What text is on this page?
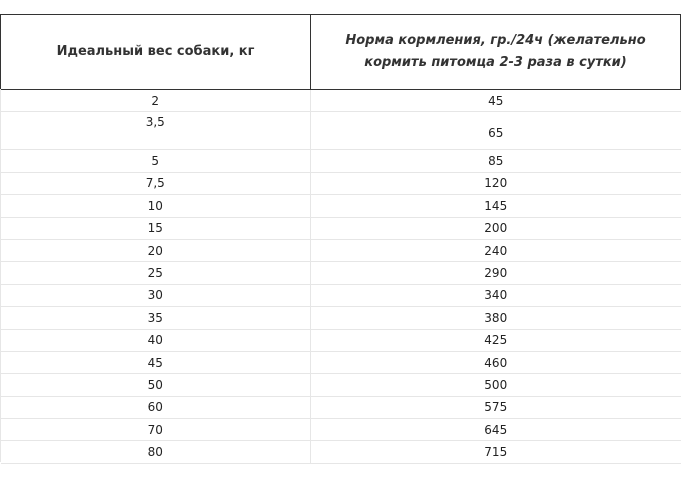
Идеальный вес собаки, кг	Норма кормления, гр./24ч (желательно кормить питомца 2-3 раза в сутки)
2	45
3,5	65
5	85
7,5	120
10	145
15	200
20	240
25	290
30	340
35	380
40	425
45	460
50	500
60	575
70	645
80	715
